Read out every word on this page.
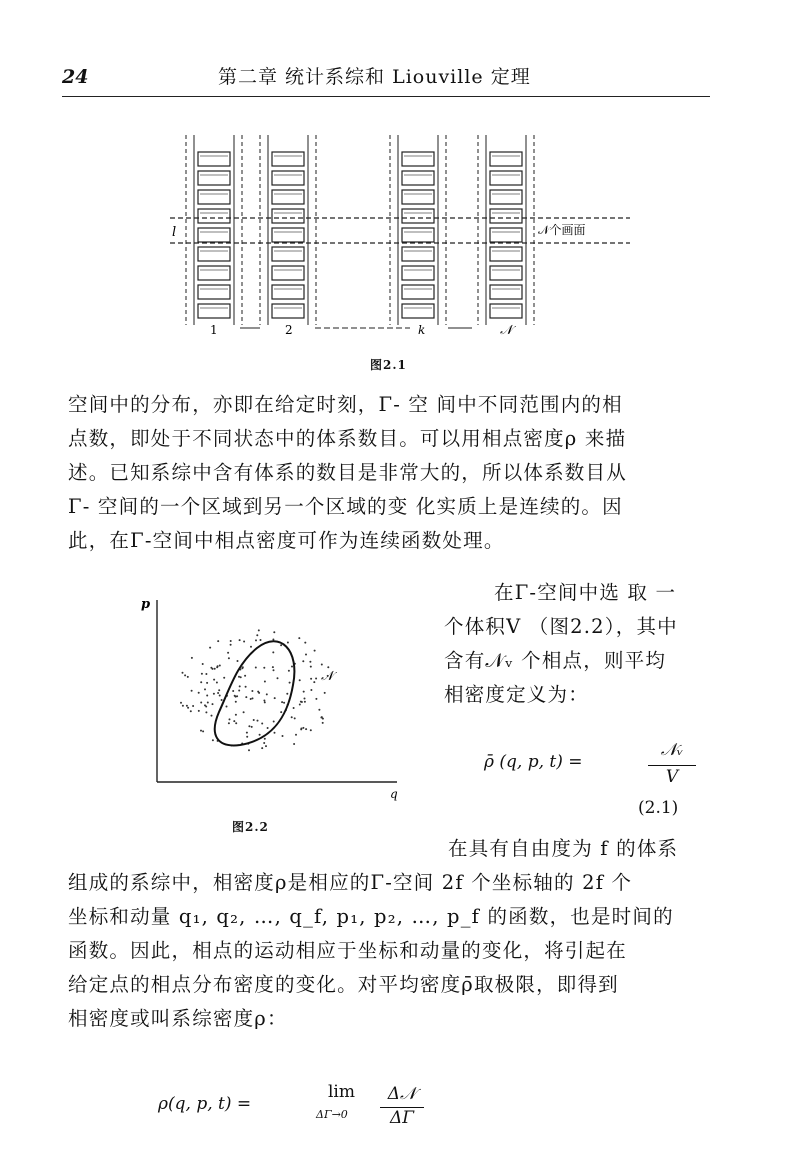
24	第二章 统计系综和 Liouville 定理
l	𝒩个画面
1	2	k	𝒩
图2.1
空间中的分布，亦即在给定时刻，Γ- 空 间中不同范围内的相
点数，即处于不同状态中的体系数目。可以用相点密度ρ 来描
述。已知系综中含有体系的数目是非常大的，所以体系数目从
Γ- 空间的一个区域到另一个区域的变 化实质上是连续的。因
此，在Γ-空间中相点密度可作为连续函数处理。
p
q
𝒩
图2.2
在Γ-空间中选 取 一
个体积V （图2.2），其中
含有𝒩ᵥ 个相点，则平均
相密度定义为：
ρ̄ (q, p, t) =
𝒩ᵥ
V
(2.1)
在具有自由度为 f 的体系
组成的系综中，相密度ρ是相应的Γ-空间 2f 个坐标轴的 2f 个
坐标和动量 q₁, q₂, …, q_f, p₁, p₂, …, p_f 的函数，也是时间的
函数。因此，相点的运动相应于坐标和动量的变化，将引起在
给定点的相点分布密度的变化。对平均密度ρ̄取极限，即得到
相密度或叫系综密度ρ：
ρ(q, p, t) =
lim
ΔΓ→0
Δ𝒩
ΔΓ
